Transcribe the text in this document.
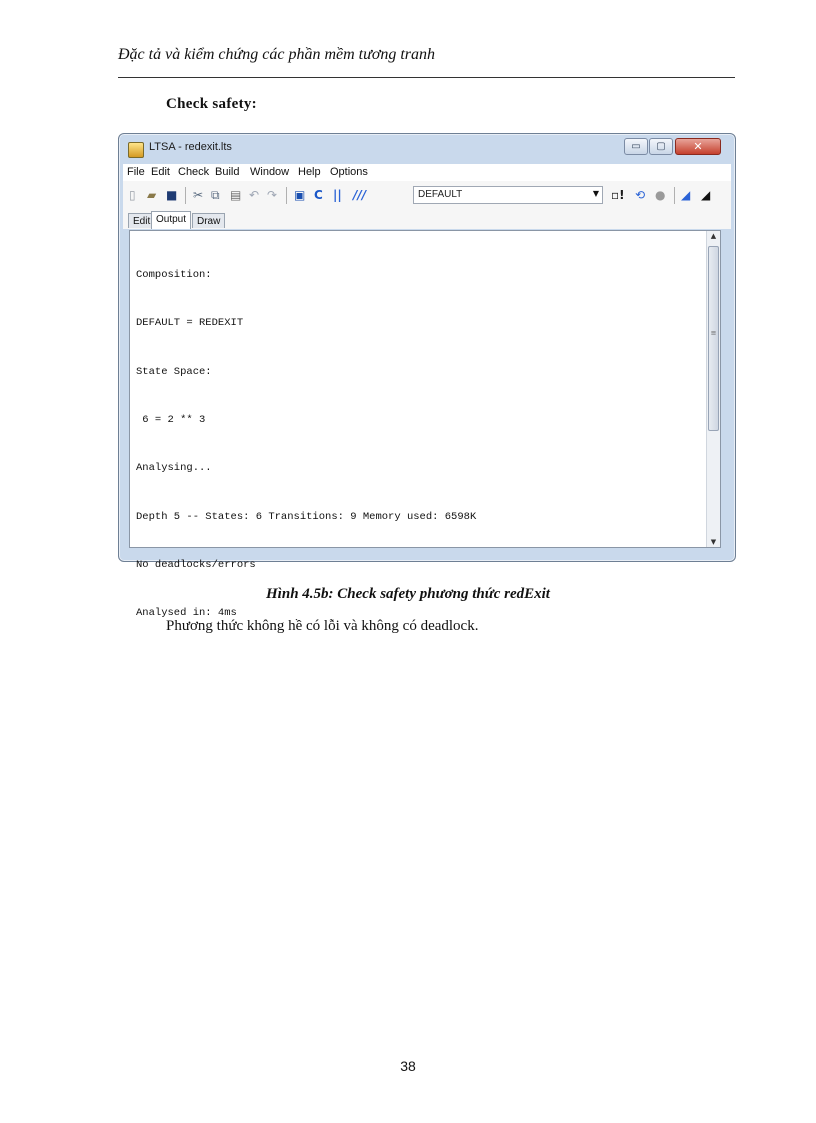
Đặc tả và kiểm chứng các phần mềm tương tranh
Check safety:
LTSA - redexit.lts	▭	▢	✕
File Edit Check Build Window Help Options
▯ ▰ ■ ✂ ⧉ ▤ ↶ ↷ ▣ C || ///	DEFAULT	▼ ▫! ⟲ ● ◢ ◢
Edit Output	Draw

Composition:

DEFAULT = REDEXIT

State Space:

6 = 2 ** 3

Analysing...

Depth 5 -- States: 6 Transitions: 9 Memory used: 6598K

No deadlocks/errors

Analysed in: 4ms

▲
≡
▼
Hình 4.5b: Check safety phương thức redExit
Phương thức không hề có lỗi và không có deadlock.
38
